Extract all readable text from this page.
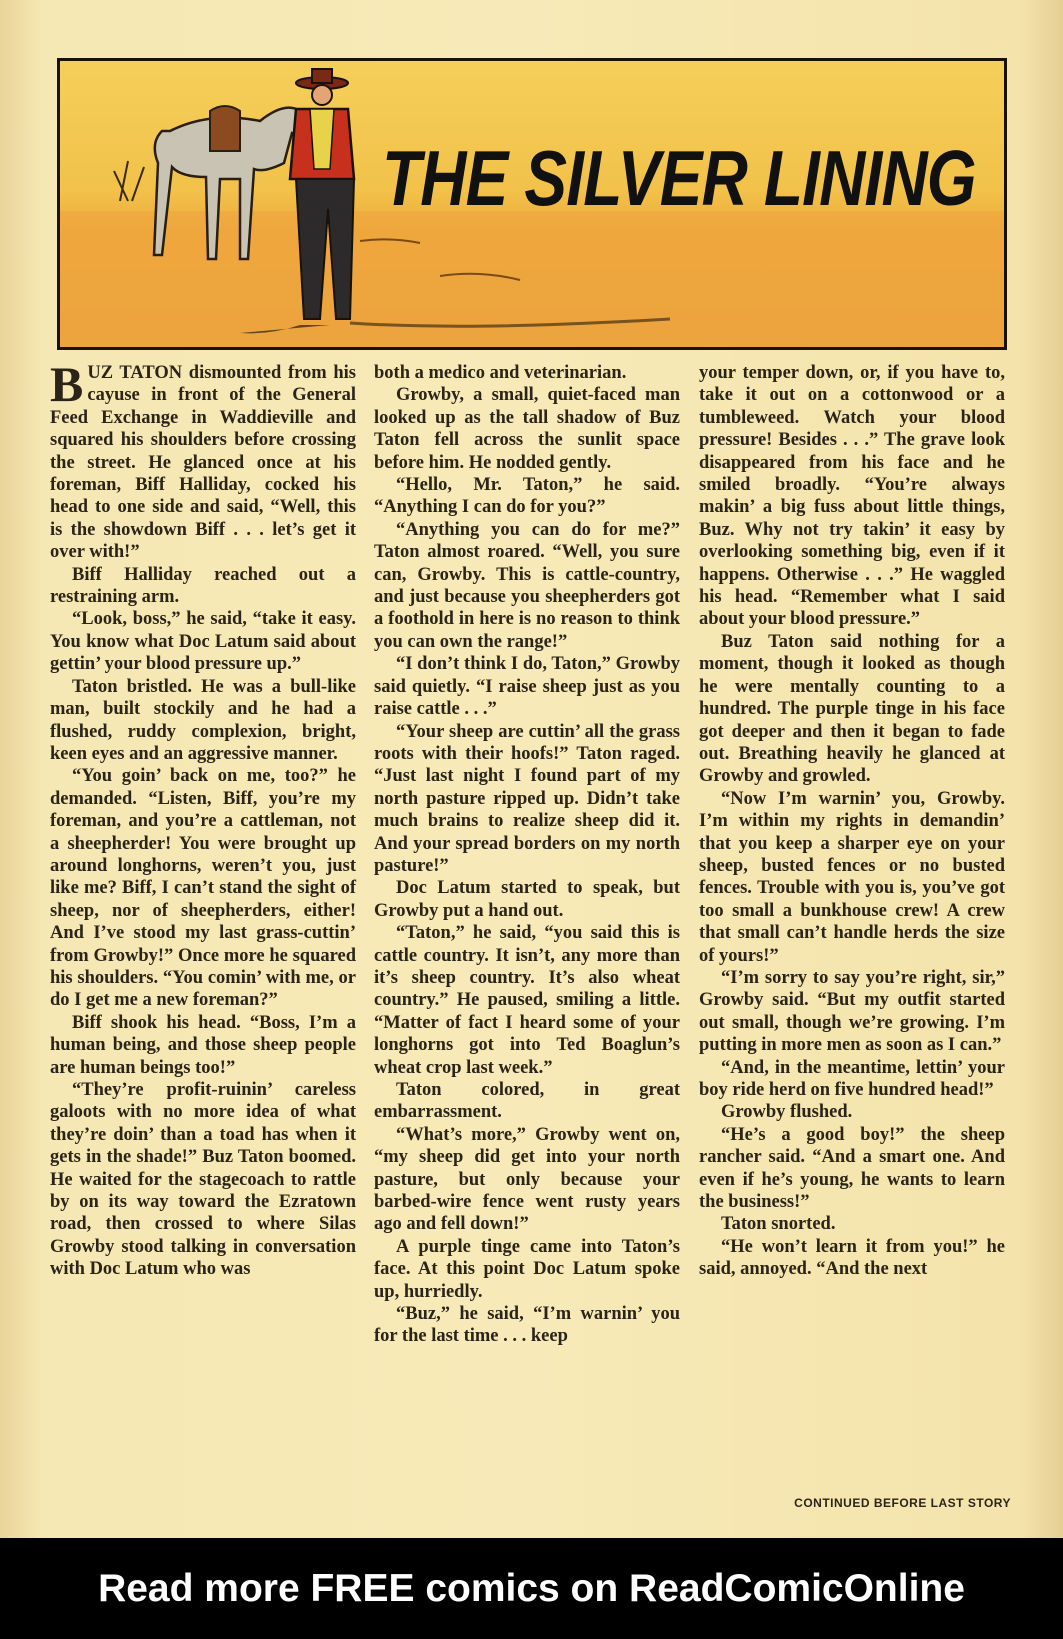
THE SILVER LINING

BUZ TATON dismounted from his cayuse in front of the General Feed Exchange in Waddieville and squared his shoulders before crossing the street. He glanced once at his foreman, Biff Halliday, cocked his head to one side and said, “Well, this is the showdown Biff . . . let’s get it over with!”

Biff Halliday reached out a restraining arm.

“Look, boss,” he said, “take it easy. You know what Doc Latum said about gettin’ your blood pressure up.”

Taton bristled. He was a bull-like man, built stockily and he had a flushed, ruddy complexion, bright, keen eyes and an aggressive manner.

“You goin’ back on me, too?” he demanded. “Listen, Biff, you’re my foreman, and you’re a cattleman, not a sheepherder! You were brought up around longhorns, weren’t you, just like me? Biff, I can’t stand the sight of sheep, nor of sheepherders, either! And I’ve stood my last grass-cuttin’ from Growby!” Once more he squared his shoulders. “You comin’ with me, or do I get me a new foreman?”

Biff shook his head. “Boss, I’m a human being, and those sheep people are human beings too!”

“They’re profit-ruinin’ careless galoots with no more idea of what they’re doin’ than a toad has when it gets in the shade!” Buz Taton boomed. He waited for the stagecoach to rattle by on its way toward the Ezratown road, then crossed to where Silas Growby stood talking in conversation with Doc Latum who was

both a medico and veterinarian.

Growby, a small, quiet-faced man looked up as the tall shadow of Buz Taton fell across the sunlit space before him. He nodded gently.

“Hello, Mr. Taton,” he said. “Anything I can do for you?”

“Anything you can do for me?” Taton almost roared. “Well, you sure can, Growby. This is cattle-country, and just because you sheepherders got a foothold in here is no reason to think you can own the range!”

“I don’t think I do, Taton,” Growby said quietly. “I raise sheep just as you raise cattle . . .”

“Your sheep are cuttin’ all the grass roots with their hoofs!” Taton raged. “Just last night I found part of my north pasture ripped up. Didn’t take much brains to realize sheep did it. And your spread borders on my north pasture!”

Doc Latum started to speak, but Growby put a hand out.

“Taton,” he said, “you said this is cattle country. It isn’t, any more than it’s sheep country. It’s also wheat country.” He paused, smiling a little. “Matter of fact I heard some of your longhorns got into Ted Boaglun’s wheat crop last week.”

Taton colored, in great embarrassment.

“What’s more,” Growby went on, “my sheep did get into your north pasture, but only because your barbed-wire fence went rusty years ago and fell down!”

A purple tinge came into Taton’s face. At this point Doc Latum spoke up, hurriedly.

“Buz,” he said, “I’m warnin’ you for the last time . . . keep

your temper down, or, if you have to, take it out on a cottonwood or a tumbleweed. Watch your blood pressure! Besides . . .” The grave look disappeared from his face and he smiled broadly. “You’re always makin’ a big fuss about little things, Buz. Why not try takin’ it easy by overlooking something big, even if it happens. Otherwise . . .” He waggled his head. “Remember what I said about your blood pressure.”

Buz Taton said nothing for a moment, though it looked as though he were mentally counting to a hundred. The purple tinge in his face got deeper and then it began to fade out. Breathing heavily he glanced at Growby and growled.

“Now I’m warnin’ you, Growby. I’m within my rights in demandin’ that you keep a sharper eye on your sheep, busted fences or no busted fences. Trouble with you is, you’ve got too small a bunkhouse crew! A crew that small can’t handle herds the size of yours!”

“I’m sorry to say you’re right, sir,” Growby said. “But my outfit started out small, though we’re growing. I’m putting in more men as soon as I can.”

“And, in the meantime, lettin’ your boy ride herd on five hundred head!”

Growby flushed.

“He’s a good boy!” the sheep rancher said. “And a smart one. And even if he’s young, he wants to learn the business!”

Taton snorted.

“He won’t learn it from you!” he said, annoyed. “And the next

CONTINUED BEFORE LAST STORY
Read more FREE comics on ReadComicOnline
